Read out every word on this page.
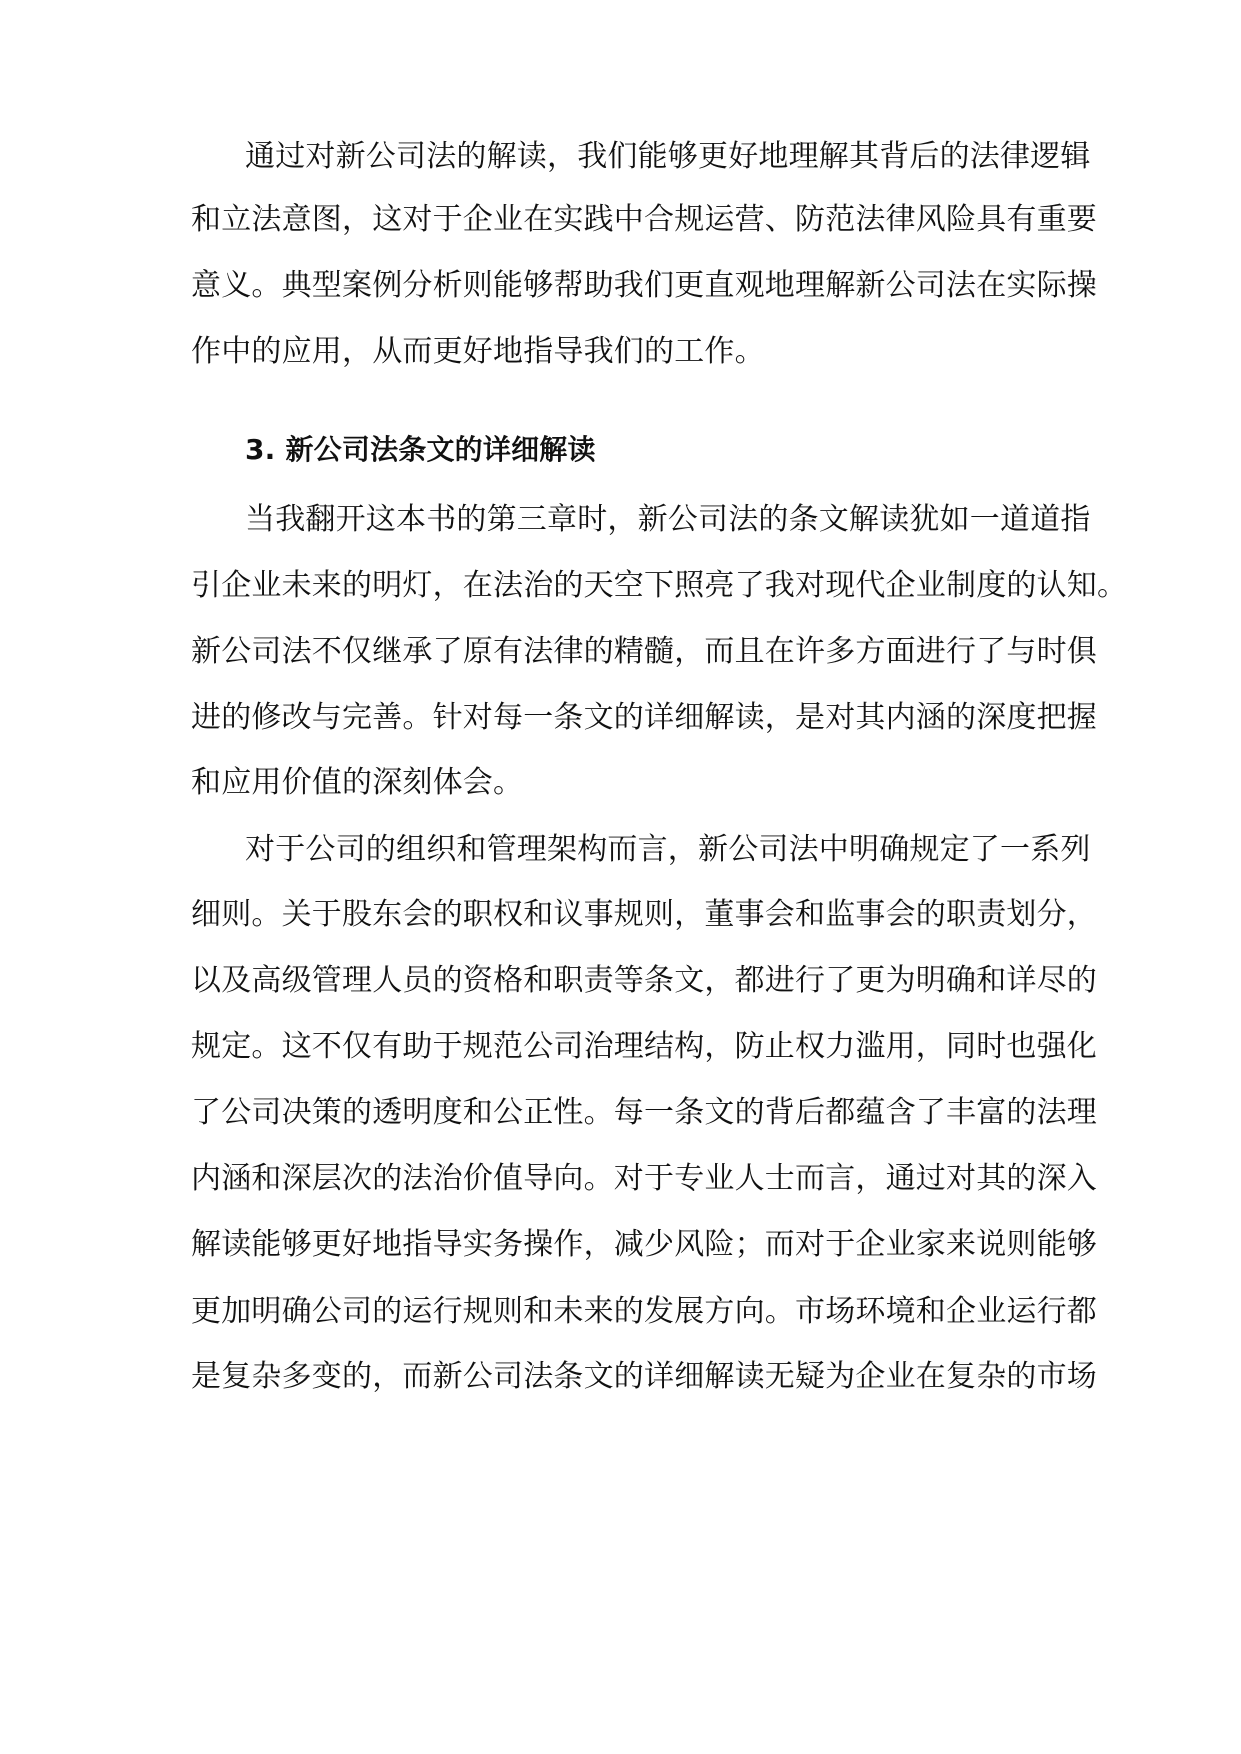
通过对新公司法的解读，我们能够更好地理解其背后的法律逻辑

和立法意图，这对于企业在实践中合规运营、防范法律风险具有重要

意义。典型案例分析则能够帮助我们更直观地理解新公司法在实际操

作中的应用，从而更好地指导我们的工作。

3. 新公司法条文的详细解读

当我翻开这本书的第三章时，新公司法的条文解读犹如一道道指

引企业未来的明灯，在法治的天空下照亮了我对现代企业制度的认知。

新公司法不仅继承了原有法律的精髓，而且在许多方面进行了与时俱

进的修改与完善。针对每一条文的详细解读，是对其内涵的深度把握

和应用价值的深刻体会。

对于公司的组织和管理架构而言，新公司法中明确规定了一系列

细则。关于股东会的职权和议事规则，董事会和监事会的职责划分，

以及高级管理人员的资格和职责等条文，都进行了更为明确和详尽的

规定。这不仅有助于规范公司治理结构，防止权力滥用，同时也强化

了公司决策的透明度和公正性。每一条文的背后都蕴含了丰富的法理

内涵和深层次的法治价值导向。对于专业人士而言，通过对其的深入

解读能够更好地指导实务操作，减少风险；而对于企业家来说则能够

更加明确公司的运行规则和未来的发展方向。市场环境和企业运行都

是复杂多变的，而新公司法条文的详细解读无疑为企业在复杂的市场
